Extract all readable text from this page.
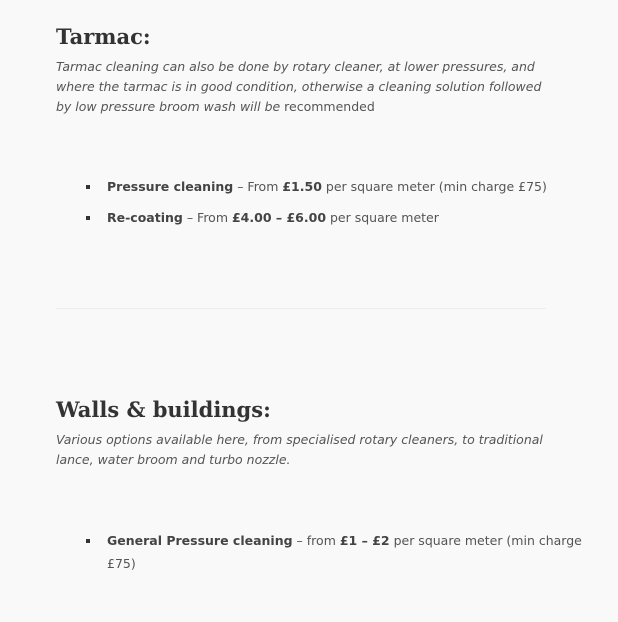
Tarmac:

Tarmac cleaning can also be done by rotary cleaner, at lower pressures, and where the tarmac is in good condition, otherwise a cleaning solution followed by low pressure broom wash will be recommended

Pressure cleaning – From £1.50 per square meter (min charge £75)
Re-coating – From £4.00 – £6.00 per square meter
Walls & buildings:

Various options available here, from specialised rotary cleaners, to traditional lance, water broom and turbo nozzle.

General Pressure cleaning – from £1 – £2 per square meter (min charge £75)
